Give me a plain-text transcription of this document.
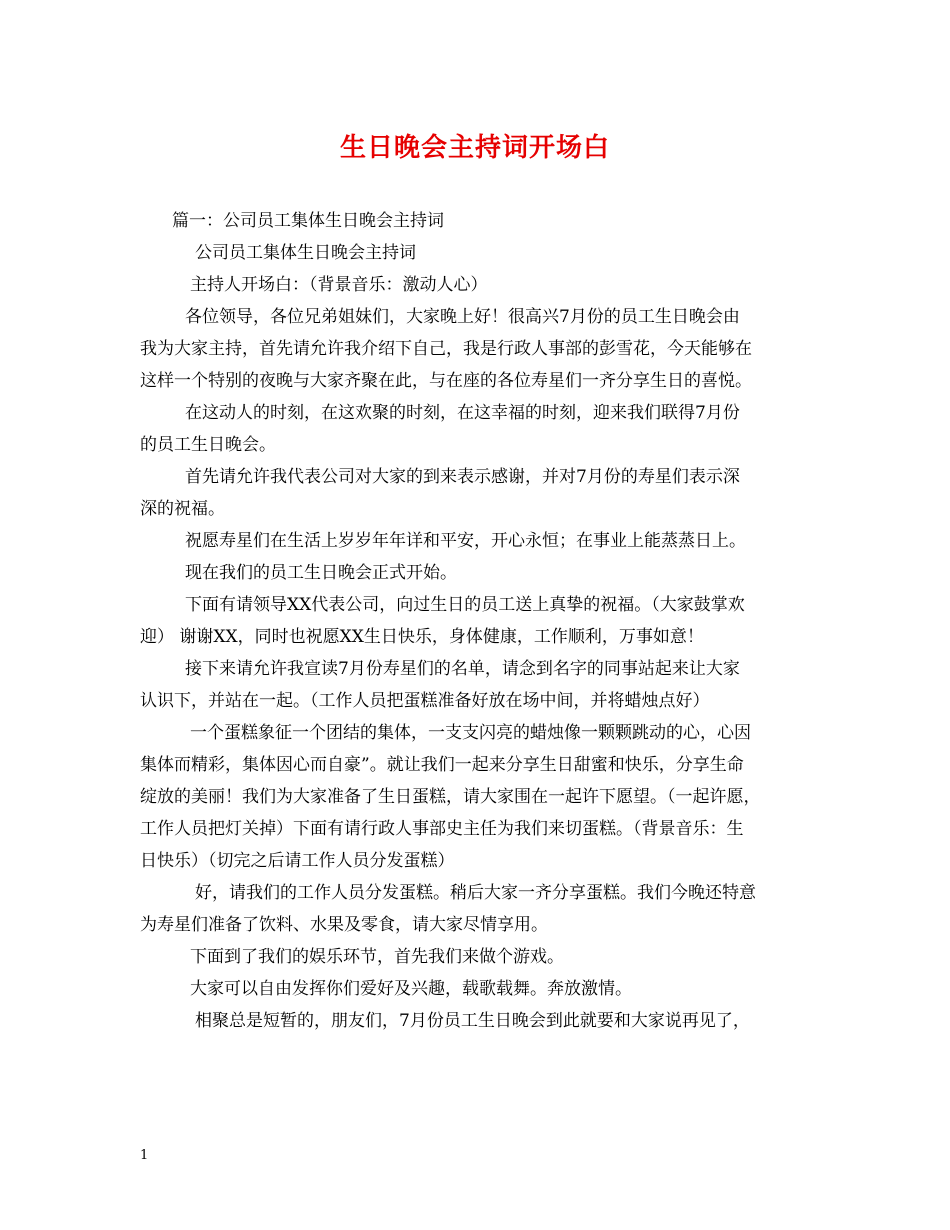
生日晚会主持词开场白
篇一：公司员工集体生日晚会主持词
公司员工集体生日晚会主持词
主持人开场白：（背景音乐：激动人心）
各位领导，各位兄弟姐妹们，大家晚上好！很高兴7月份的员工生日晚会由
我为大家主持，首先请允许我介绍下自己，我是行政人事部的彭雪花，今天能够在
这样一个特别的夜晚与大家齐聚在此，与在座的各位寿星们一齐分享生日的喜悦。
在这动人的时刻，在这欢聚的时刻，在这幸福的时刻，迎来我们联得7月份
的员工生日晚会。
首先请允许我代表公司对大家的到来表示感谢，并对7月份的寿星们表示深
深的祝福。
祝愿寿星们在生活上岁岁年年详和平安，开心永恒；在事业上能蒸蒸日上。
现在我们的员工生日晚会正式开始。
下面有请领导XX代表公司，向过生日的员工送上真挚的祝福。（大家鼓掌欢
迎） 谢谢XX，同时也祝愿XX生日快乐，身体健康，工作顺利，万事如意！
接下来请允许我宣读7月份寿星们的名单，请念到名字的同事站起来让大家
认识下，并站在一起。（工作人员把蛋糕准备好放在场中间，并将蜡烛点好）
一个蛋糕象征一个团结的集体，一支支闪亮的蜡烛像一颗颗跳动的心，心因
集体而精彩，集体因心而自豪”。就让我们一起来分享生日甜蜜和快乐，分享生命
绽放的美丽！我们为大家准备了生日蛋糕，请大家围在一起许下愿望。（一起许愿，
工作人员把灯关掉）下面有请行政人事部史主任为我们来切蛋糕。（背景音乐：生
日快乐）（切完之后请工作人员分发蛋糕）
好，请我们的工作人员分发蛋糕。稍后大家一齐分享蛋糕。我们今晚还特意
为寿星们准备了饮料、水果及零食，请大家尽情享用。
下面到了我们的娱乐环节，首先我们来做个游戏。
大家可以自由发挥你们爱好及兴趣，载歌载舞。奔放激情。
相聚总是短暂的，朋友们，7月份员工生日晚会到此就要和大家说再见了，
1
